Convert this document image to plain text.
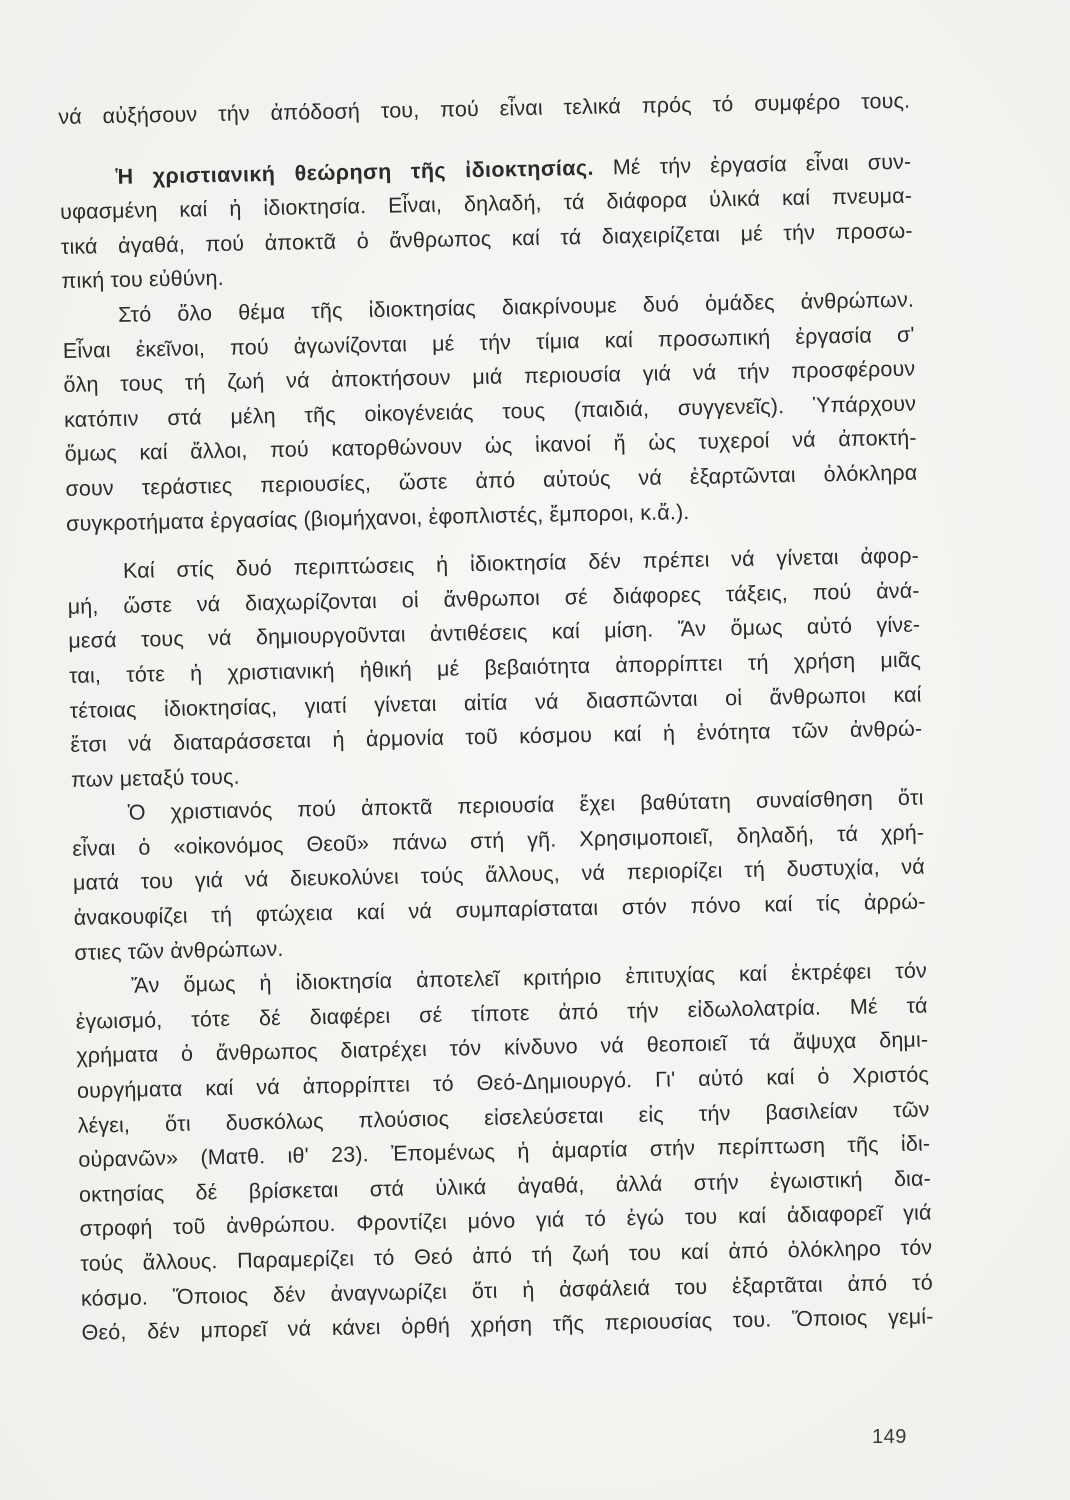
νά αὐξήσουν τήν ἀπόδοσή του, πού εἶναι τελικά πρός τό συμφέρο τους.
Ἡ χριστιανική θεώρηση τῆς ἰδιοκτησίας. Μέ τήν ἐργασία εἶναι συν-
υφασμένη καί ἡ ἰδιοκτησία. Εἶναι, δηλαδή, τά διάφορα ὑλικά καί πνευμα-
τικά ἀγαθά, πού ἀποκτᾶ ὁ ἄνθρωπος καί τά διαχειρίζεται μέ τήν προσω-
πική του εὐθύνη.
Στό ὅλο θέμα τῆς ἰδιοκτησίας διακρίνουμε δυό ὁμάδες ἀνθρώπων.
Εἶναι ἐκεῖνοι, πού ἀγωνίζονται μέ τήν τίμια καί προσωπική ἐργασία σ'
ὅλη τους τή ζωή νά ἀποκτήσουν μιά περιουσία γιά νά τήν προσφέρουν
κατόπιν στά μέλη τῆς οἰκογένειάς τους (παιδιά, συγγενεῖς). Ὑπάρχουν
ὅμως καί ἄλλοι, πού κατορθώνουν ὡς ἱκανοί ἤ ὡς τυχεροί νά ἀποκτή-
σουν τεράστιες περιουσίες, ὥστε ἀπό αὐτούς νά ἐξαρτῶνται ὁλόκληρα
συγκροτήματα ἐργασίας (βιομήχανοι, ἐφοπλιστές, ἔμποροι, κ.ἄ.).
Καί στίς δυό περιπτώσεις ἡ ἰδιοκτησία δέν πρέπει νά γίνεται ἀφορ-
μή, ὥστε νά διαχωρίζονται οἱ ἄνθρωποι σέ διάφορες τάξεις, πού ἀνά-
μεσά τους νά δημιουργοῦνται ἀντιθέσεις καί μίση. Ἄν ὅμως αὐτό γίνε-
ται, τότε ἡ χριστιανική ἠθική μέ βεβαιότητα ἀπορρίπτει τή χρήση μιᾶς
τέτοιας ἰδιοκτησίας, γιατί γίνεται αἰτία νά διασπῶνται οἱ ἄνθρωποι καί
ἔτσι νά διαταράσσεται ἡ ἁρμονία τοῦ κόσμου καί ἡ ἑνότητα τῶν ἀνθρώ-
πων μεταξύ τους.
Ὁ χριστιανός πού ἀποκτᾶ περιουσία ἔχει βαθύτατη συναίσθηση ὅτι
εἶναι ὁ «οἰκονόμος Θεοῦ» πάνω στή γῆ. Χρησιμοποιεῖ, δηλαδή, τά χρή-
ματά του γιά νά διευκολύνει τούς ἄλλους, νά περιορίζει τή δυστυχία, νά
ἀνακουφίζει τή φτώχεια καί νά συμπαρίσταται στόν πόνο καί τίς ἀρρώ-
στιες τῶν ἀνθρώπων.
Ἄν ὅμως ἡ ἰδιοκτησία ἀποτελεῖ κριτήριο ἐπιτυχίας καί ἐκτρέφει τόν
ἐγωισμό, τότε δέ διαφέρει σέ τίποτε ἀπό τήν εἰδωλολατρία. Μέ τά
χρήματα ὁ ἄνθρωπος διατρέχει τόν κίνδυνο νά θεοποιεῖ τά ἄψυχα δημι-
ουργήματα καί νά ἀπορρίπτει τό Θεό-Δημιουργό. Γι' αὐτό καί ὁ Χριστός
λέγει, ὅτι δυσκόλως πλούσιος εἰσελεύσεται εἰς τήν βασιλείαν τῶν
οὐρανῶν» (Ματθ. ιθ' 23). Ἐπομένως ἡ ἁμαρτία στήν περίπτωση τῆς ἰδι-
οκτησίας δέ βρίσκεται στά ὑλικά ἀγαθά, ἀλλά στήν ἐγωιστική δια-
στροφή τοῦ ἀνθρώπου. Φροντίζει μόνο γιά τό ἐγώ του καί ἀδιαφορεῖ γιά
τούς ἄλλους. Παραμερίζει τό Θεό ἀπό τή ζωή του καί ἀπό ὁλόκληρο τόν
κόσμο. Ὅποιος δέν ἀναγνωρίζει ὅτι ἡ ἀσφάλειά του ἐξαρτᾶται ἀπό τό
Θεό, δέν μπορεῖ νά κάνει ὀρθή χρήση τῆς περιουσίας του. Ὅποιος γεμί-
149
